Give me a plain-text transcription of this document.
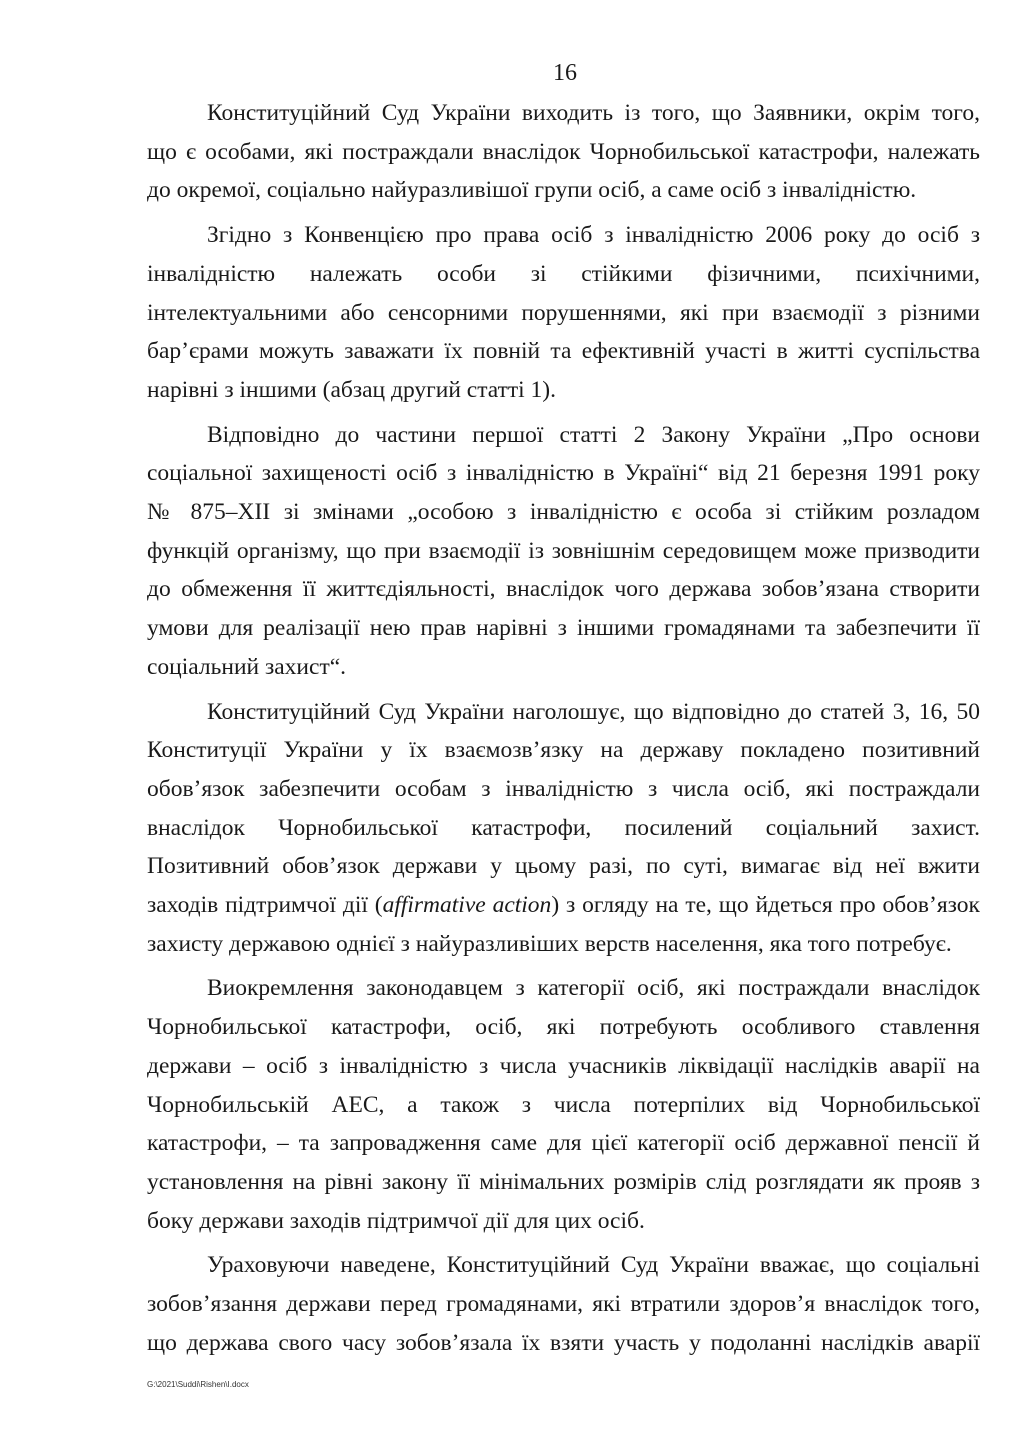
16

Конституційний Суд України виходить із того, що Заявники, окрім того,
що є особами, які постраждали внаслідок Чорнобильської катастрофи, належать
до окремої, соціально найуразливішої групи осіб, а саме осіб з інвалідністю.

Згідно з Конвенцією про права осіб з інвалідністю 2006 року до осіб з
інвалідністю належать особи зі стійкими фізичними, психічними,
інтелектуальними або сенсорними порушеннями, які при взаємодії з різними
бар’єрами можуть заважати їх повній та ефективній участі в житті суспільства
нарівні з іншими (абзац другий статті 1).

Відповідно до частини першої статті 2 Закону України „Про основи
соціальної захищеності осіб з інвалідністю в Україні“ від 21 березня 1991 року
№ 875–XII зі змінами „особою з інвалідністю є особа зі стійким розладом
функцій організму, що при взаємодії із зовнішнім середовищем може призводити
до обмеження її життєдіяльності, внаслідок чого держава зобов’язана створити
умови для реалізації нею прав нарівні з іншими громадянами та забезпечити її
соціальний захист“.

Конституційний Суд України наголошує, що відповідно до статей 3, 16, 50
Конституції України у їх взаємозв’язку на державу покладено позитивний
обов’язок забезпечити особам з інвалідністю з числа осіб, які постраждали
внаслідок Чорнобильської катастрофи, посилений соціальний захист.
Позитивний обов’язок держави у цьому разі, по суті, вимагає від неї вжити
заходів підтримчої дії (affirmative action) з огляду на те, що йдеться про обов’язок
захисту державою однієї з найуразливіших верств населення, яка того потребує.

Виокремлення законодавцем з категорії осіб, які постраждали внаслідок
Чорнобильської катастрофи, осіб, які потребують особливого ставлення
держави – осіб з інвалідністю з числа учасників ліквідації наслідків аварії на
Чорнобильській АЕС, а також з числа потерпілих від Чорнобильської
катастрофи, – та запровадження саме для цієї категорії осіб державної пенсії й
установлення на рівні закону її мінімальних розмірів слід розглядати як прояв з
боку держави заходів підтримчої дії для цих осіб.

Ураховуючи наведене, Конституційний Суд України вважає, що соціальні
зобов’язання держави перед громадянами, які втратили здоров’я внаслідок того,
що держава свого часу зобов’язала їх взяти участь у подоланні наслідків аварії

G:\2021\Suddi\Rishen\I.docx
